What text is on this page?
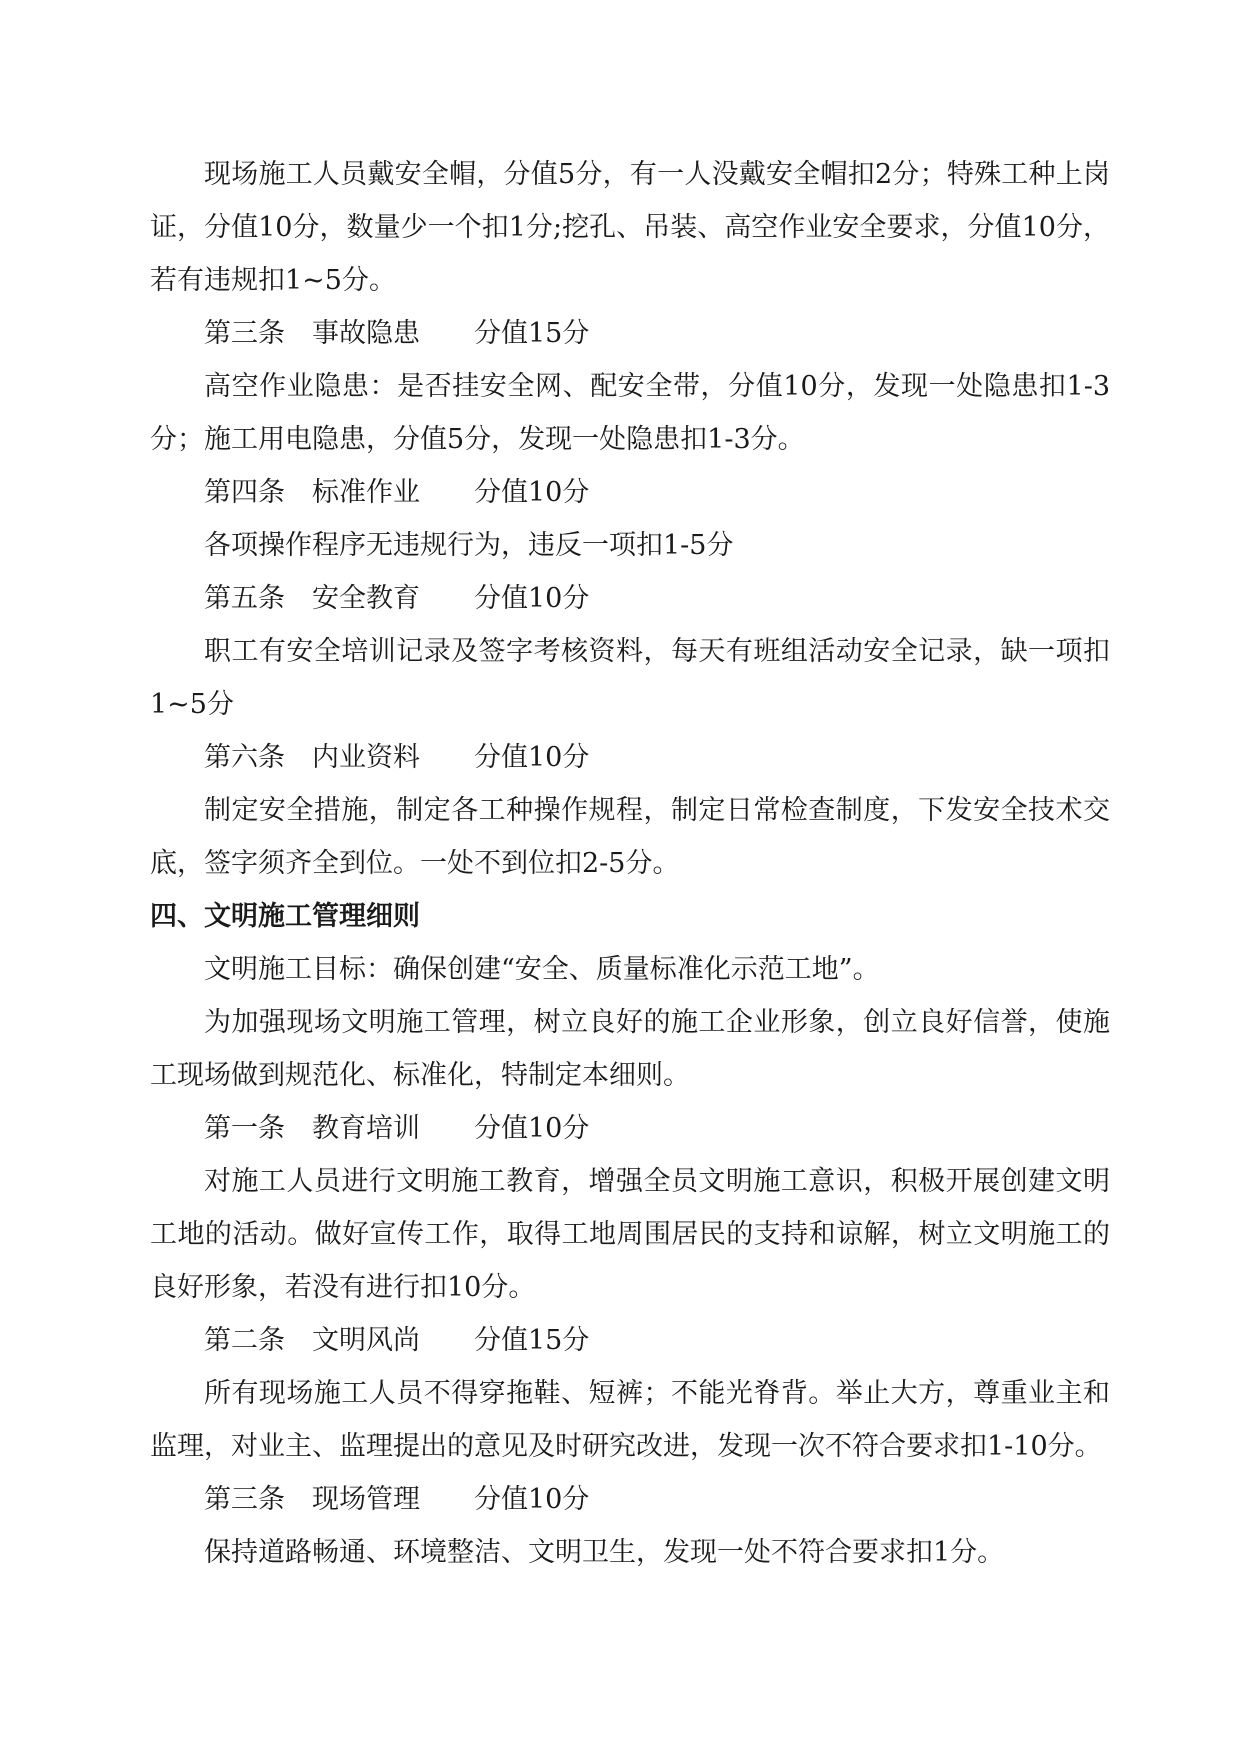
现场施工人员戴安全帽，分值5分，有一人没戴安全帽扣2分；特殊工种上岗证，分值10分，数量少一个扣1分;挖孔、吊装、高空作业安全要求，分值10分，若有违规扣1~5分。

第三条　事故隐患　　分值15分

高空作业隐患：是否挂安全网、配安全带，分值10分，发现一处隐患扣1-3分；施工用电隐患，分值5分，发现一处隐患扣1-3分。

第四条　标准作业　　分值10分

各项操作程序无违规行为，违反一项扣1-5分

第五条　安全教育　　分值10分

职工有安全培训记录及签字考核资料，每天有班组活动安全记录，缺一项扣1~5分

第六条　内业资料　　分值10分

制定安全措施，制定各工种操作规程，制定日常检查制度，下发安全技术交底，签字须齐全到位。一处不到位扣2-5分。

四、文明施工管理细则

文明施工目标：确保创建“安全、质量标准化示范工地”。

为加强现场文明施工管理，树立良好的施工企业形象，创立良好信誉，使施工现场做到规范化、标准化，特制定本细则。

第一条　教育培训　　分值10分

对施工人员进行文明施工教育，增强全员文明施工意识，积极开展创建文明工地的活动。做好宣传工作，取得工地周围居民的支持和谅解，树立文明施工的良好形象，若没有进行扣10分。

第二条　文明风尚　　分值15分

所有现场施工人员不得穿拖鞋、短裤；不能光脊背。举止大方，尊重业主和监理，对业主、监理提出的意见及时研究改进，发现一次不符合要求扣1-10分。

第三条　现场管理　　分值10分

保持道路畅通、环境整洁、文明卫生，发现一处不符合要求扣1分。
